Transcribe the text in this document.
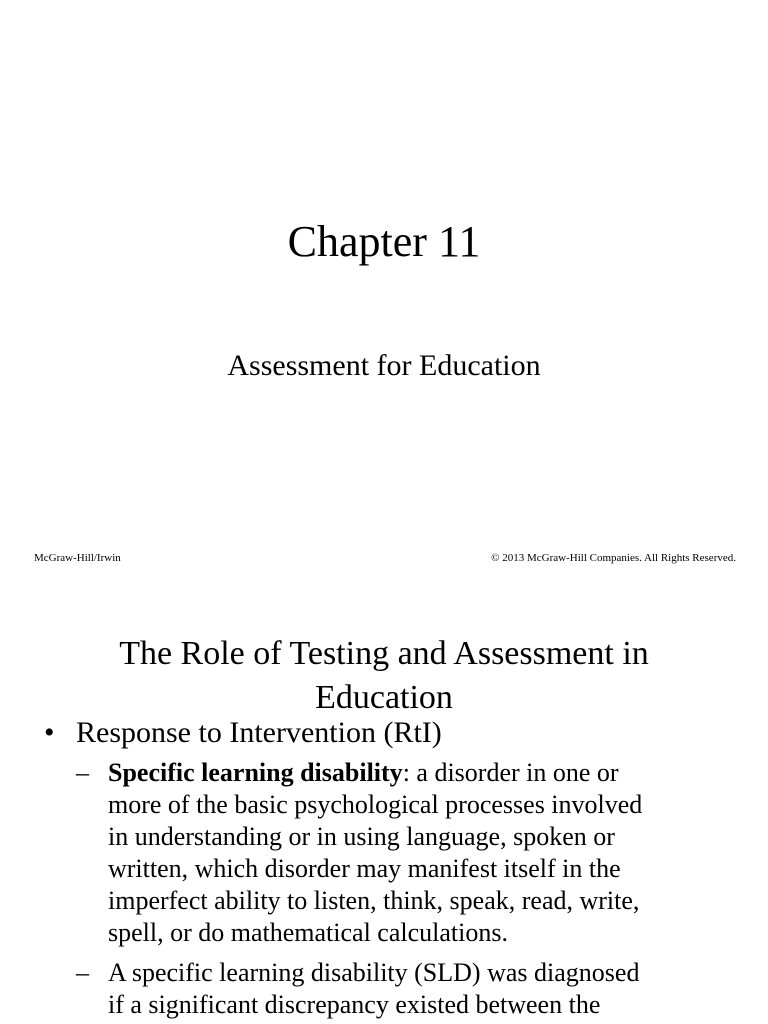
Chapter 11
Assessment for Education
McGraw-Hill/Irwin	© 2013 McGraw-Hill Companies. All Rights Reserved.
The Role of Testing and Assessment in
Education
• Response to Intervention (RtI)
– Specific learning disability: a disorder in one or
more of the basic psychological processes involved
in understanding or in using language, spoken or
written, which disorder may manifest itself in the
imperfect ability to listen, think, speak, read, write,
spell, or do mathematical calculations.
– A specific learning disability (SLD) was diagnosed
if a significant discrepancy existed between the
